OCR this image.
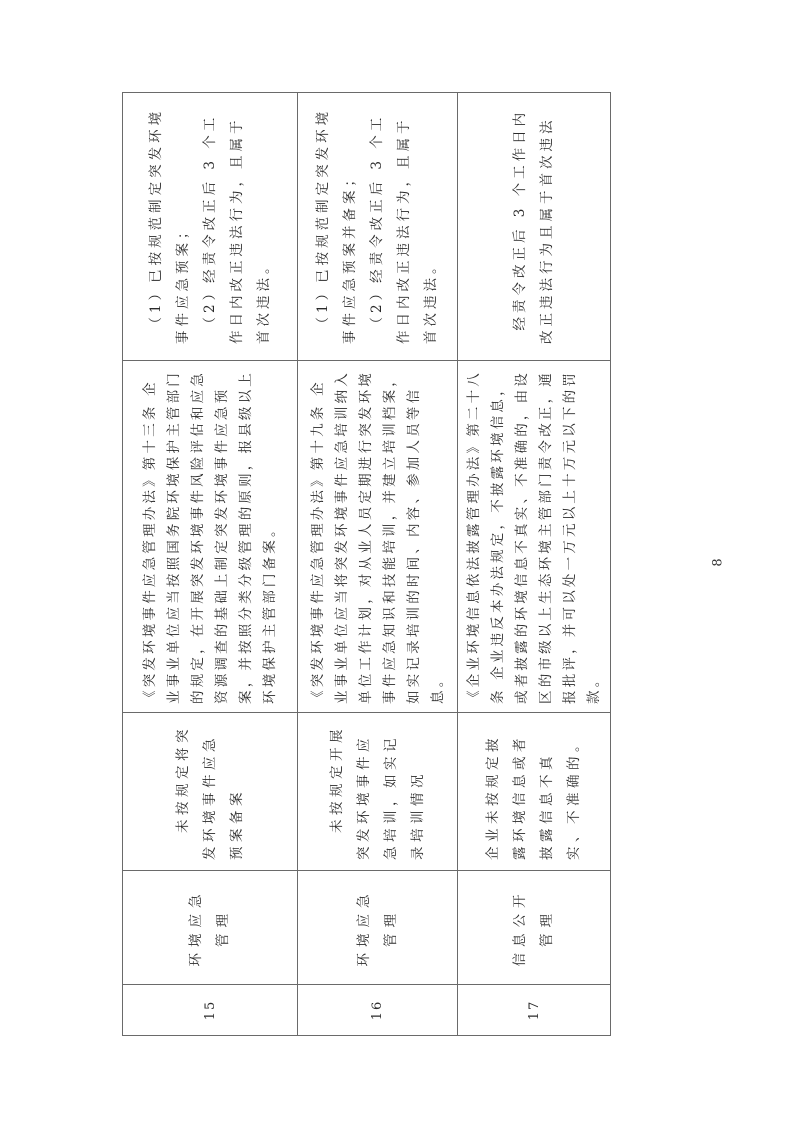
15	环境应急管理	未按规定将突发环境事件应急预案备案	《突发环境事件应急管理办法》第十三条 企业事业单位应当按照国务院环境保护主管部门的规定，在开展突发环境事件风险评估和应急资源调查的基础上制定突发环境事件应急预案，并按照分类分级管理的原则，报县级以上环境保护主管部门备案。	（1）已按规范制定突发环境事件应急预案； （2）经责令改正后 3 个工作日内改正违法行为，且属于首次违法。

16	环境应急管理	未按规定开展突发环境事件应急培训，如实记录培训情况	《突发环境事件应急管理办法》第十九条 企业事业单位应当将突发环境事件应急培训纳入单位工作计划，对从业人员定期进行突发环境事件应急知识和技能培训，并建立培训档案，如实记录培训的时间、内容、参加人员等信息。	（1）已按规范制定突发环境事件应急预案并备案； （2）经责令改正后 3 个工作日内改正违法行为，且属于首次违法。

17	信息公开管理	企业未按规定披露环境信息或者披露信息不真实、不准确的。	《企业环境信息依法披露管理办法》第二十八条 企业违反本办法规定，不披露环境信息，或者披露的环境信息不真实、不准确的，由设区的市级以上生态环境主管部门责令改正，通报批评，并可以处一万元以上十万元以下的罚款。	经责令改正后 3 个工作日内改正违法行为且属于首次违法

8
